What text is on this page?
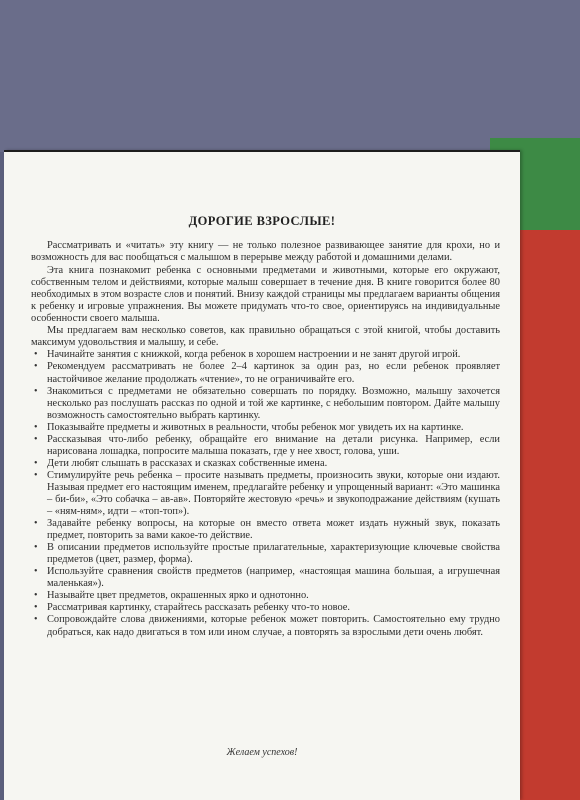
ДОРОГИЕ ВЗРОСЛЫЕ!

Рассматривать и «читать» эту книгу — не только полезное развивающее занятие для крохи, но и возможность для вас пообщаться с малышом в перерыве между работой и домашними делами.

Эта книга познакомит ребенка с основными предметами и животными, которые его окружают, собственным телом и действиями, которые малыш совершает в течение дня. В книге говорится более 80 необходимых в этом возрасте слов и понятий. Внизу каждой страницы мы предлагаем варианты общения к ребенку и игровые упражнения. Вы можете придумать что-то свое, ориентируясь на индивидуальные особенности своего малыша.

Мы предлагаем вам несколько советов, как правильно обращаться с этой книгой, чтобы доставить максимум удовольствия и малышу, и себе.

• Начинайте занятия с книжкой, когда ребенок в хорошем настроении и не занят другой игрой.
• Рекомендуем рассматривать не более 2–4 картинок за один раз, но если ребенок проявляет настойчивое желание продолжать «чтение», то не ограничивайте его.
• Знакомиться с предметами не обязательно совершать по порядку. Возможно, малышу захочется несколько раз послушать рассказ по одной и той же картинке, с небольшим повтором. Дайте малышу возможность самостоятельно выбрать картинку.
• Показывайте предметы и животных в реальности, чтобы ребенок мог увидеть их на картинке.
• Рассказывая что-либо ребенку, обращайте его внимание на детали рисунка. Например, если нарисована лошадка, попросите малыша показать, где у нее хвост, голова, уши.
• Дети любят слышать в рассказах и сказках собственные имена.
• Стимулируйте речь ребенка – просите называть предметы, произносить звуки, которые они издают. Называя предмет его настоящим именем, предлагайте ребенку и упрощенный вариант: «Это машинка – би-би», «Это собачка – ав-ав». Повторяйте жестовую «речь» и звукоподражание действиям (кушать – «ням-ням», идти – «топ-топ»).
• Задавайте ребенку вопросы, на которые он вместо ответа может издать нужный звук, показать предмет, повторить за вами какое-то действие.
• В описании предметов используйте простые прилагательные, характеризующие ключевые свойства предметов (цвет, размер, форма).
• Используйте сравнения свойств предметов (например, «настоящая машина большая, а игрушечная маленькая»).
• Называйте цвет предметов, окрашенных ярко и однотонно.
• Рассматривая картинку, старайтесь рассказать ребенку что-то новое.
• Сопровождайте слова движениями, которые ребенок может повторить. Самостоятельно ему трудно добраться, как надо двигаться в том или ином случае, а повторять за взрослыми дети очень любят.
Желаем успехов!
